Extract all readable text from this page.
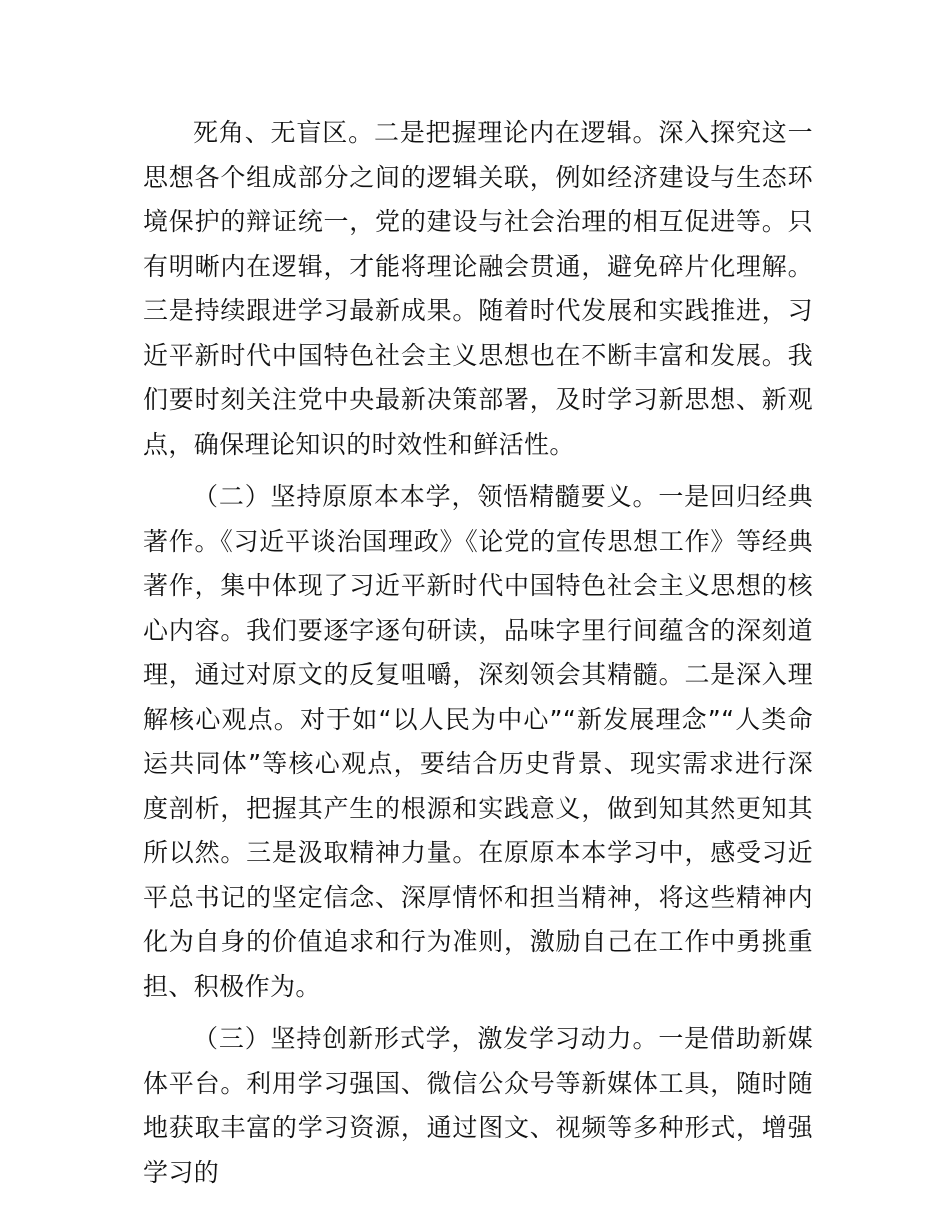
死角、无盲区。二是把握理论内在逻辑。深入探究这一思想各个组成部分之间的逻辑关联，例如经济建设与生态环境保护的辩证统一，党的建设与社会治理的相互促进等。只有明晰内在逻辑，才能将理论融会贯通，避免碎片化理解。三是持续跟进学习最新成果。随着时代发展和实践推进，习近平新时代中国特色社会主义思想也在不断丰富和发展。我们要时刻关注党中央最新决策部署，及时学习新思想、新观点，确保理论知识的时效性和鲜活性。

（二）坚持原原本本学，领悟精髓要义。一是回归经典著作。《习近平谈治国理政》《论党的宣传思想工作》等经典著作，集中体现了习近平新时代中国特色社会主义思想的核心内容。我们要逐字逐句研读，品味字里行间蕴含的深刻道理，通过对原文的反复咀嚼，深刻领会其精髓。二是深入理解核心观点。对于如“以人民为中心”“新发展理念”“人类命运共同体”等核心观点，要结合历史背景、现实需求进行深度剖析，把握其产生的根源和实践意义，做到知其然更知其所以然。三是汲取精神力量。在原原本本学习中，感受习近平总书记的坚定信念、深厚情怀和担当精神，将这些精神内化为自身的价值追求和行为准则，激励自己在工作中勇挑重担、积极作为。

（三）坚持创新形式学，激发学习动力。一是借助新媒体平台。利用学习强国、微信公众号等新媒体工具，随时随地获取丰富的学习资源，通过图文、视频等多种形式，增强学习的
